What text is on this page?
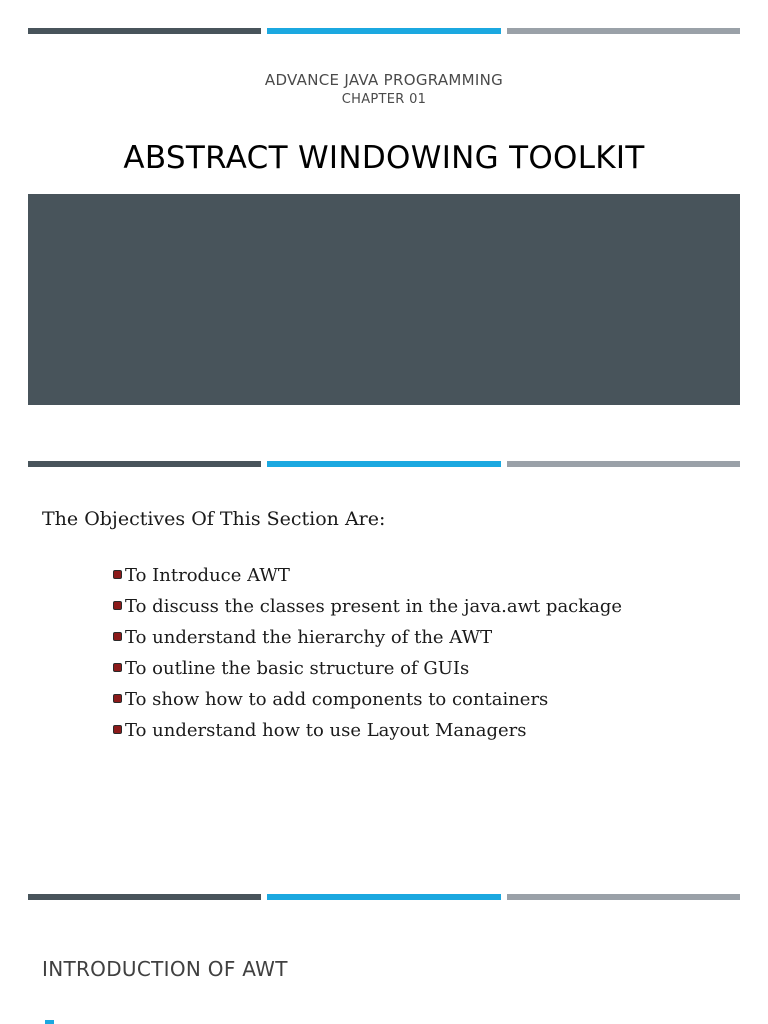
ADVANCE JAVA PROGRAMMING
CHAPTER 01
ABSTRACT WINDOWING TOOLKIT
The Objectives Of This Section Are:
To Introduce AWT
To discuss the classes present in the java.awt package
To understand the hierarchy of the AWT
To outline the basic structure of GUIs
To show how to add components to containers
To understand how to use Layout Managers
INTRODUCTION OF AWT
